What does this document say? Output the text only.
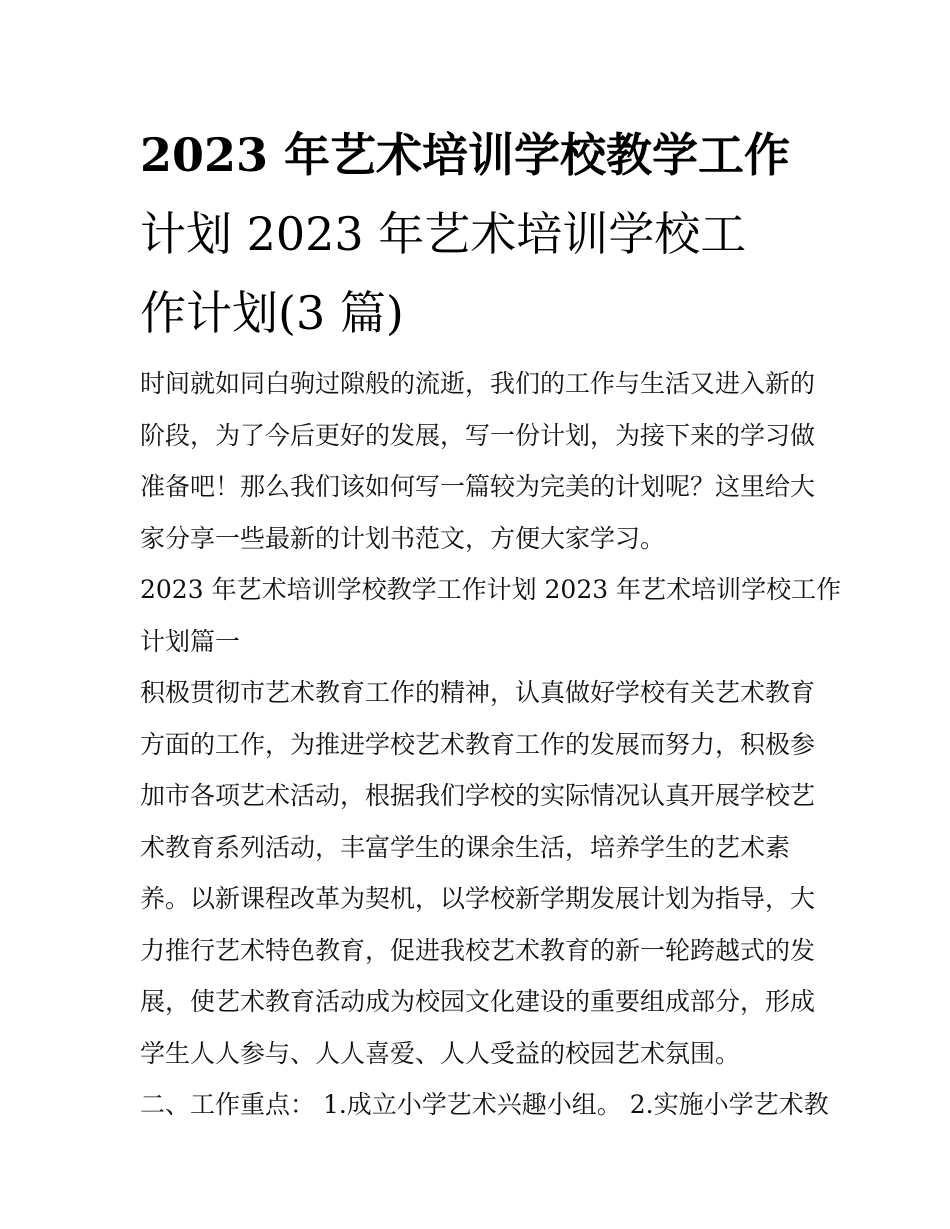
2023 年艺术培训学校教学工作
计划 2023 年艺术培训学校工
作计划(3 篇)
时间就如同白驹过隙般的流逝，我们的工作与生活又进入新的
阶段，为了今后更好的发展，写一份计划，为接下来的学习做
准备吧！那么我们该如何写一篇较为完美的计划呢？这里给大
家分享一些最新的计划书范文，方便大家学习。
2023 年艺术培训学校教学工作计划 2023 年艺术培训学校工作
计划篇一
积极贯彻市艺术教育工作的精神，认真做好学校有关艺术教育
方面的工作，为推进学校艺术教育工作的发展而努力，积极参
加市各项艺术活动，根据我们学校的实际情况认真开展学校艺
术教育系列活动，丰富学生的课余生活，培养学生的艺术素
养。以新课程改革为契机，以学校新学期发展计划为指导，大
力推行艺术特色教育，促进我校艺术教育的新一轮跨越式的发
展，使艺术教育活动成为校园文化建设的重要组成部分，形成
学生人人参与、人人喜爱、人人受益的校园艺术氛围。
二、工作重点： 1.成立小学艺术兴趣小组。 2.实施小学艺术教
